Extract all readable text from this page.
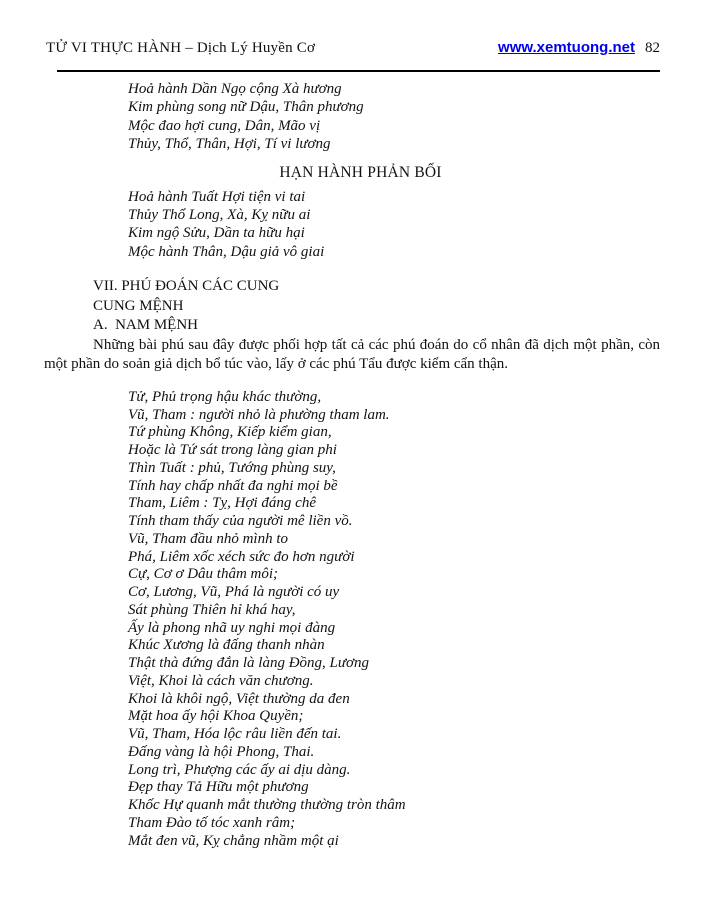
TỬ VI THỰC HÀNH – Dịch Lý Huyền Cơ	www.xemtuong.net 82
Hoả hành Dần Ngọ cộng Xà hương
Kim phùng song nữ Dậu, Thân phương
Mộc đao hợi cung, Dân, Mão vị
Thủy, Thổ, Thân, Hợi, Tí vi lương
HẠN HÀNH PHẢN BỐI
Hoả hành Tuất Hợi tiện vi tai
Thủy Thổ Long, Xà, Kỵ nữu ai
Kim ngộ Sửu, Dần ta hữu hại
Mộc hành Thân, Dậu giả vô giai
VII. PHÚ ĐOÁN CÁC CUNG
CUNG MỆNH
A.  NAM MỆNH

Những bài phú sau đây được phối hợp tất cả các phú đoán do cổ nhân đã dịch một phần, còn một phần do soản giả dịch bổ túc vào, lấy ở các phú Tẩu được kiểm cẩn thận.

Tử, Phủ trọng hậu khác thường,
Vũ, Tham : người nhỏ là phường tham lam.
Tứ phùng Không, Kiếp kiểm gian,
Hoặc là Tứ sát trong làng gian phi
Thìn Tuất : phủ, Tướng phùng suy,
Tính hay chấp nhất đa nghi mọi bề
Tham, Liêm : Tỵ, Hợi đáng chê
Tính tham thấy của người mê liền vồ.
Vũ, Tham đầu nhỏ mình to
Phá, Liêm xốc xéch sức đo hơn người
Cự, Cơ ơ Dâu thâm môi;
Cơ, Lương, Vũ, Phá là người có uy
Sát phùng Thiên hỉ khá hay,
Ấy là phong nhã uy nghi mọi đàng
Khúc Xương là đấng thanh nhàn
Thật thà đứng đắn là làng Đồng, Lương
Việt, Khoi là cách văn chương.
Khoi là khôi ngộ, Việt thường da đen
Mặt hoa ấy hội Khoa Quyền;
Vũ, Tham, Hóa lộc râu liền đến tai.
Đấng vàng là hội Phong, Thai.
Long trì, Phượng các ấy ai dịu dàng.
Đẹp thay Tả Hữu một phương
Khốc Hự quanh mắt thường thường tròn thâm
Tham Đào tố tóc xanh râm;
Mắt đen vũ, Kỵ chẳng nhầm một ại
